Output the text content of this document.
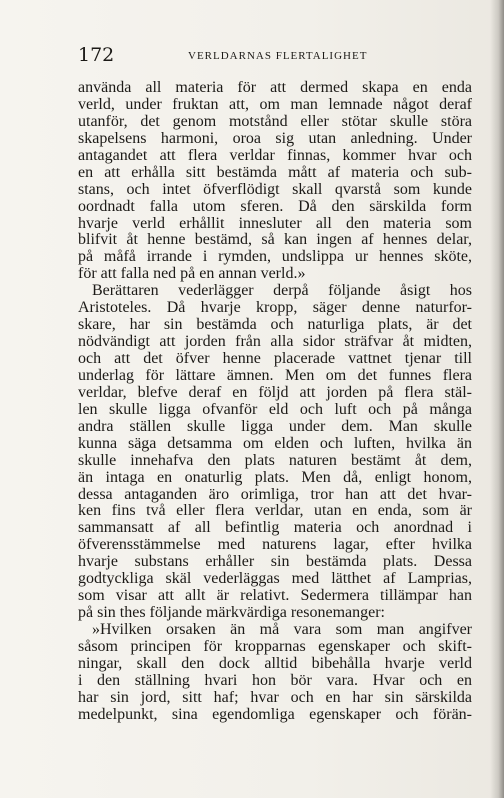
172	VERLDARNAS FLERTALIGHET
använda all materia för att dermed skapa en enda
verld, under fruktan att, om man lemnade något deraf
utanför, det genom motstånd eller stötar skulle störa
skapelsens harmoni, oroa sig utan anledning. Under
antagandet att flera verldar finnas, kommer hvar och
en att erhålla sitt bestämda mått af materia och sub-
stans, och intet öfverflödigt skall qvarstå som kunde
oordnadt falla utom sferen. Då den särskilda form
hvarje verld erhållit innesluter all den materia som
blifvit åt henne bestämd, så kan ingen af hennes delar,
på måfå irrande i rymden, undslippa ur hennes sköte,
för att falla ned på en annan verld.»
Berättaren vederlägger derpå följande åsigt hos
Aristoteles. Då hvarje kropp, säger denne naturfor-
skare, har sin bestämda och naturliga plats, är det
nödvändigt att jorden från alla sidor sträfvar åt midten,
och att det öfver henne placerade vattnet tjenar till
underlag för lättare ämnen. Men om det funnes flera
verldar, blefve deraf en följd att jorden på flera stäl-
len skulle ligga ofvanför eld och luft och på många
andra ställen skulle ligga under dem. Man skulle
kunna säga detsamma om elden och luften, hvilka än
skulle innehafva den plats naturen bestämt åt dem,
än intaga en onaturlig plats. Men då, enligt honom,
dessa antaganden äro orimliga, tror han att det hvar-
ken fins två eller flera verldar, utan en enda, som är
sammansatt af all befintlig materia och anordnad i
öfverensstämmelse med naturens lagar, efter hvilka
hvarje substans erhåller sin bestämda plats. Dessa
godtyckliga skäl vederläggas med lätthet af Lamprias,
som visar att allt är relativt. Sedermera tillämpar han
på sin thes följande märkvärdiga resonemanger:
»Hvilken orsaken än må vara som man angifver
såsom principen för kropparnas egenskaper och skift-
ningar, skall den dock alltid bibehålla hvarje verld
i den ställning hvari hon bör vara. Hvar och en
har sin jord, sitt haf; hvar och en har sin särskilda
medelpunkt, sina egendomliga egenskaper och förän-
